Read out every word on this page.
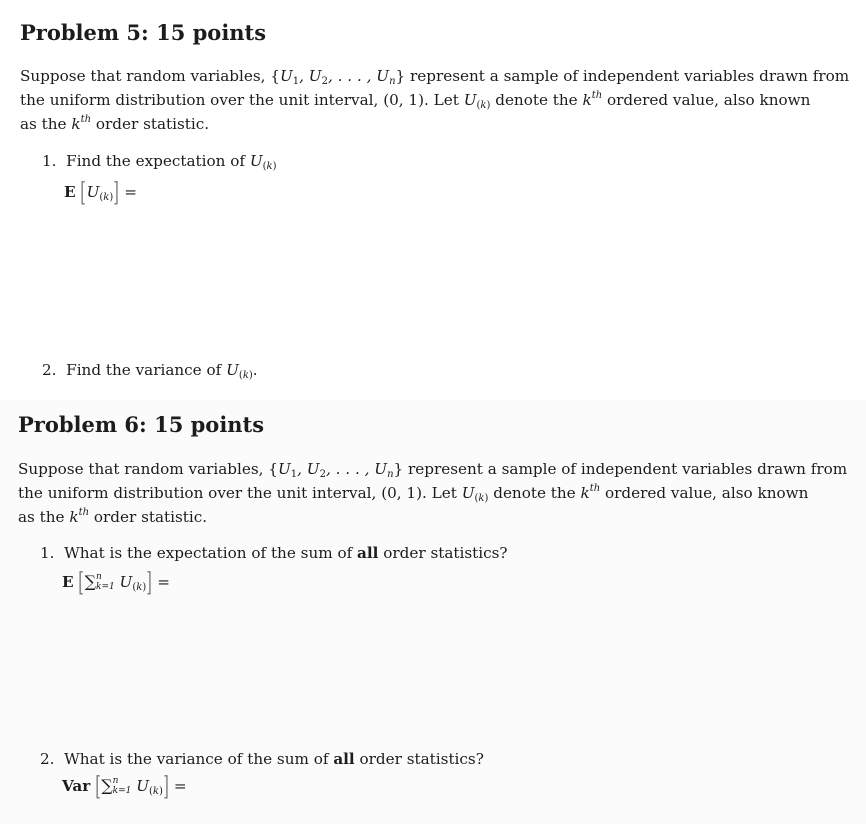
Problem 5: 15 points
Suppose that random variables, {$U_1$, $U_2$, . . . , $U_n$} represent a sample of independent variables drawn from
the uniform distribution over the unit interval, (0, 1). Let $U_{(k)}$ denote the $k^{th}$ ordered value, also known
as the $k^{th}$ order statistic.
1. Find the expectation of $U_{(k)}$
E $[U_{(k)}]$ =
2. Find the variance of $U_{(k)}$.
Problem 6: 15 points
Suppose that random variables, {$U_1$, $U_2$, . . . , $U_n$} represent a sample of independent variables drawn from
the uniform distribution over the unit interval, (0, 1). Let $U_{(k)}$ denote the $k^{th}$ ordered value, also known
as the $k^{th}$ order statistic.
1. What is the expectation of the sum of all order statistics?
E [∑ n
k=1 $U_{(k)}$] =
2. What is the variance of the sum of all order statistics?
Var [∑ n
k=1 $U_{(k)}$] =
